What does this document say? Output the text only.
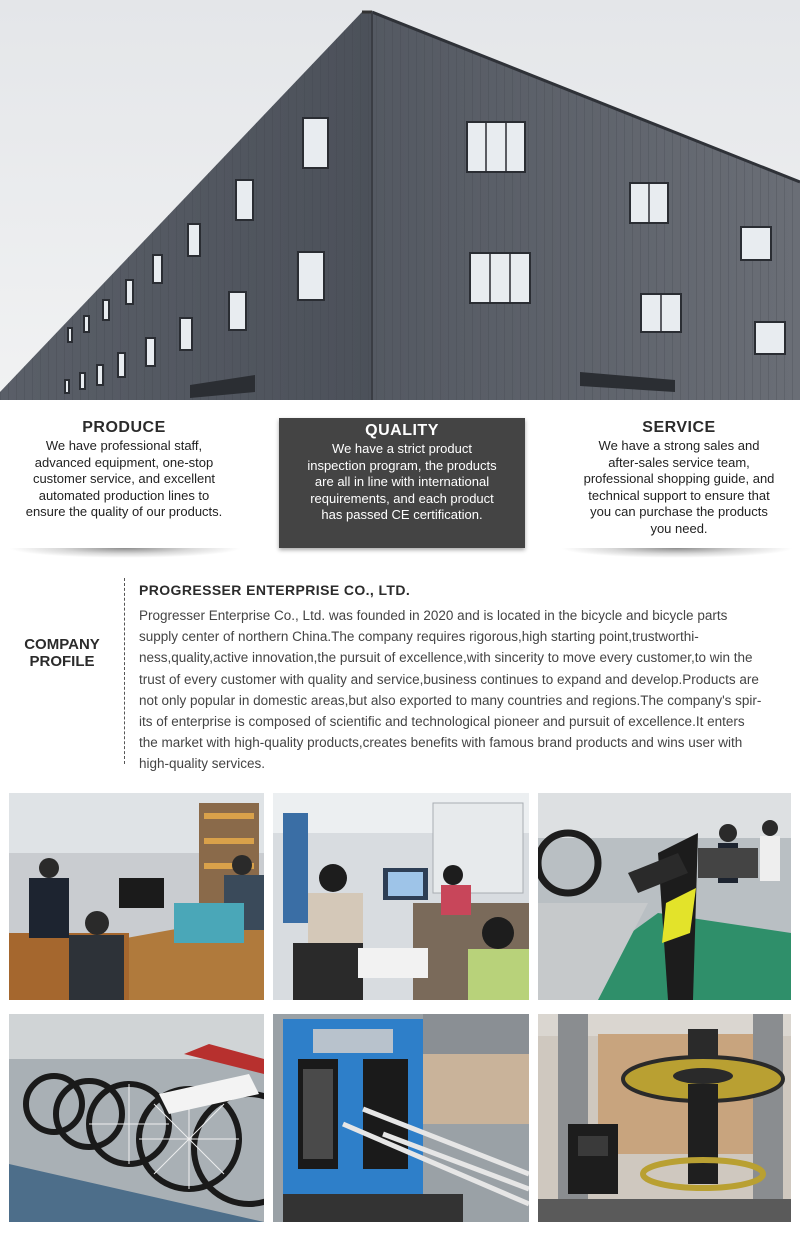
PRODUCE
We have professional staff,
advanced equipment, one-stop
customer service, and excellent
automated production lines to
ensure the quality of our products.
QUALITY
We have a strict product
inspection program, the products
are all in line with international
requirements, and each product
has passed CE certification.
SERVICE
We have a strong sales and
after-sales service team,
professional shopping guide, and
technical support to ensure that
you can purchase the products
you need.
COMPANY
PROFILE
PROGRESSER ENTERPRISE CO., LTD.
Progresser Enterprise Co., Ltd. was founded in 2020 and is located in the bicycle and bicycle parts
supply center of northern China.The company requires rigorous,high starting point,trustworthi-
ness,quality,active innovation,the pursuit of excellence,with sincerity to move every customer,to win the
trust of every customer with quality and service,business continues to expand and develop.Products are
not only popular in domestic areas,but also exported to many countries and regions.The company's spir-
its of enterprise is composed of scientific and technological pioneer and pursuit of excellence.It enters
the market with high-quality products,creates benefits with famous brand products and wins user with
high-quality services.
